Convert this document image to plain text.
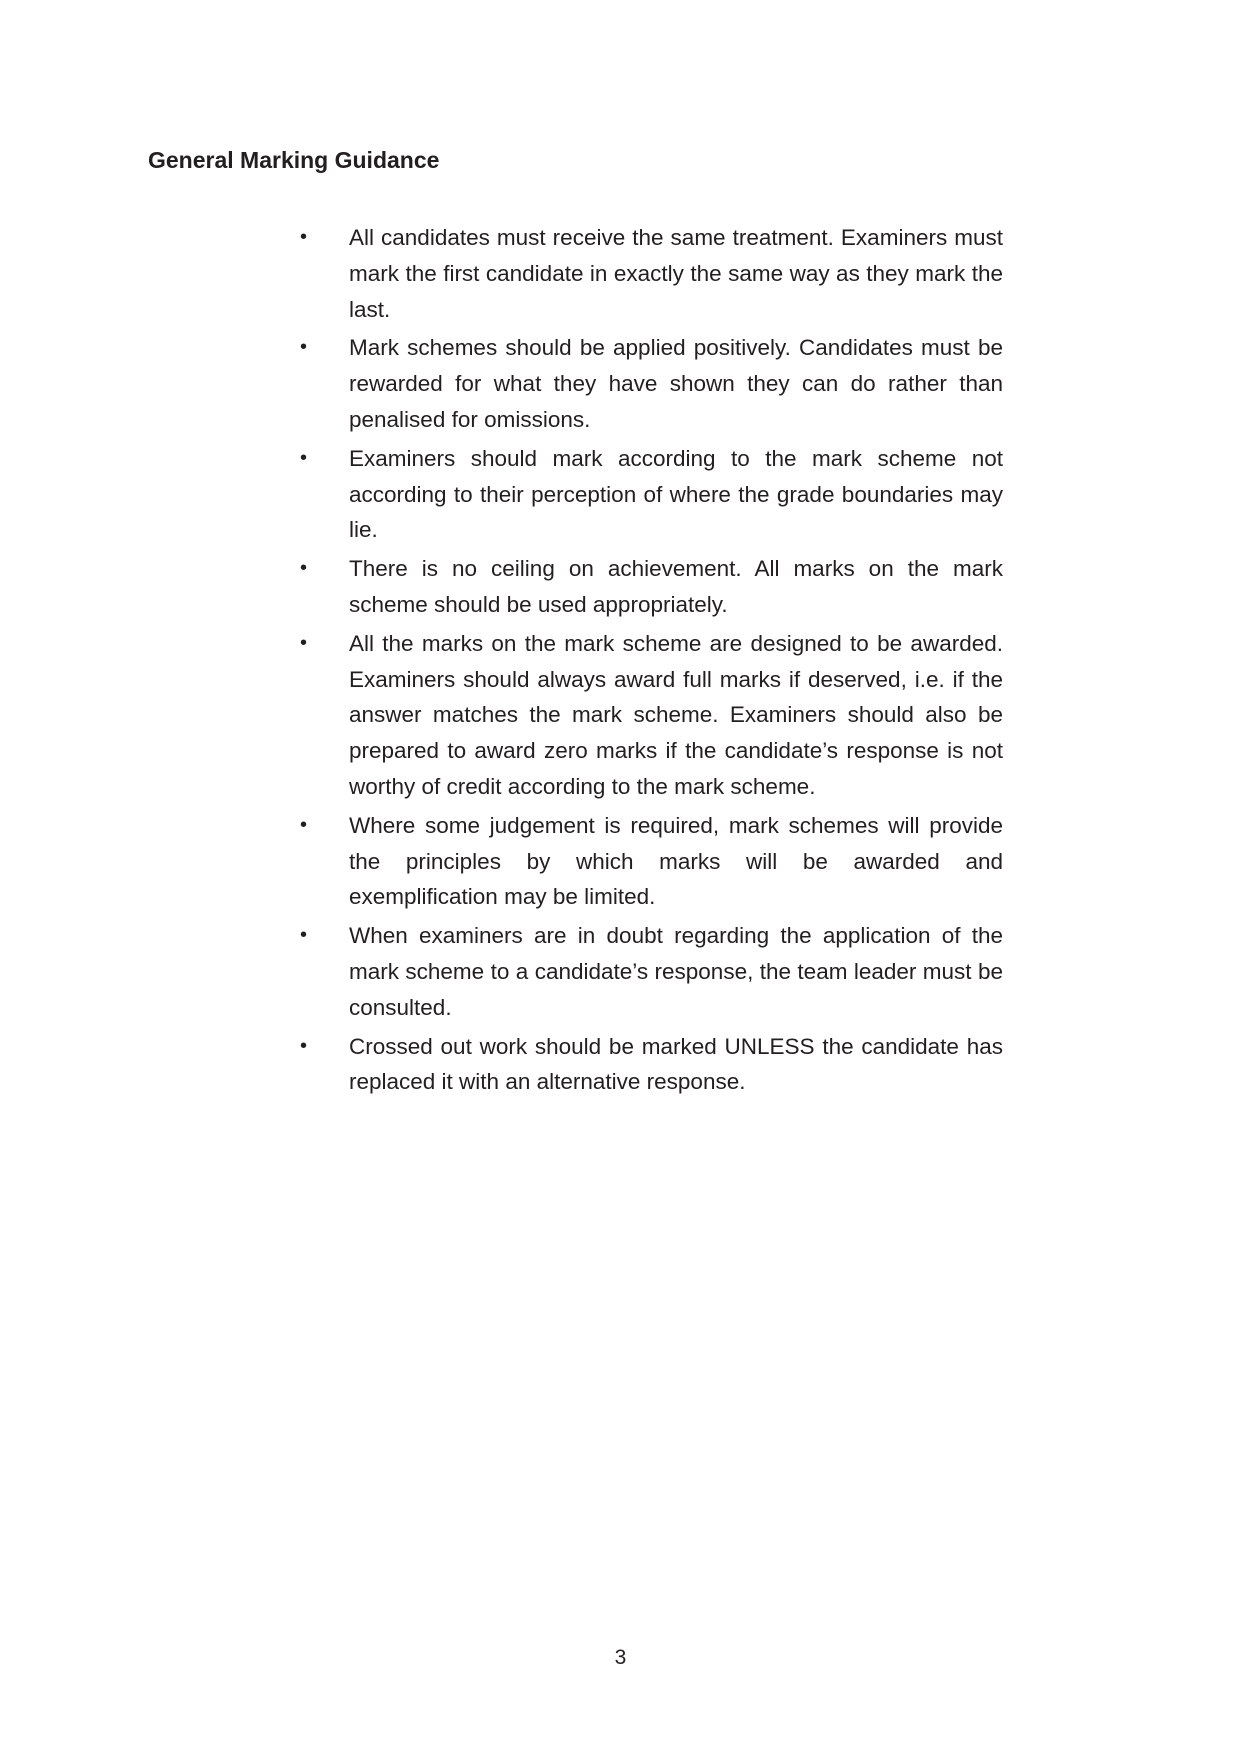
General Marking Guidance
•	All candidates must receive the same treatment. Examiners must mark the first candidate in exactly the same way as they mark the last.
•	Mark schemes should be applied positively. Candidates must be rewarded for what they have shown they can do rather than penalised for omissions.
•	Examiners should mark according to the mark scheme not according to their perception of where the grade boundaries may lie.
•	There is no ceiling on achievement. All marks on the mark scheme should be used appropriately.
•	All the marks on the mark scheme are designed to be awarded. Examiners should always award full marks if deserved, i.e. if the answer matches the mark scheme. Examiners should also be prepared to award zero marks if the candidate’s response is not worthy of credit according to the mark scheme.
•	Where some judgement is required, mark schemes will provide the principles by which marks will be awarded and exemplification may be limited.
•	When examiners are in doubt regarding the application of the mark scheme to a candidate’s response, the team leader must be consulted.
•	Crossed out work should be marked UNLESS the candidate has replaced it with an alternative response.
3
